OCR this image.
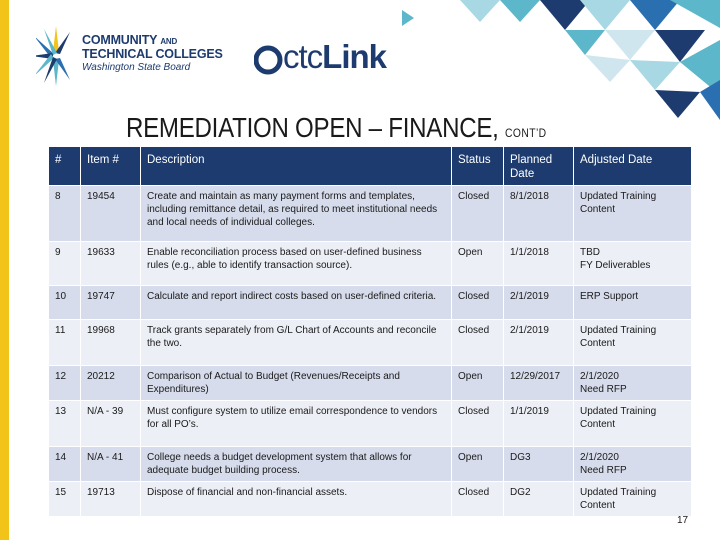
COMMUNITY AND
TECHNICAL COLLEGES
Washington State Board	ctcLink
REMEDIATION OPEN – FINANCE, CONT’D
#	Item #	Description	Status	Planned Date	Adjusted Date
8	19454	Create and maintain as many payment forms and templates, including remittance detail, as required to meet institutional needs and local needs of individual colleges.	Closed	8/1/2018	Updated Training Content
9	19633	Enable reconciliation process based on user-defined business rules (e.g., able to identify transaction source).	Open	1/1/2018	TBD
FY Deliverables
10	19747	Calculate and report indirect costs based on user-defined criteria.	Closed	2/1/2019	ERP Support
11	19968	Track grants separately from G/L Chart of Accounts and reconcile the two.	Closed	2/1/2019	Updated Training Content
12	20212	Comparison of Actual to Budget (Revenues/Receipts and Expenditures)	Open	12/29/2017	2/1/2020
Need RFP
13	N/A - 39	Must configure system to utilize email correspondence to vendors for all PO’s.	Closed	1/1/2019	Updated Training Content
14	N/A - 41	College needs a budget development system that allows for adequate budget building process.	Open	DG3	2/1/2020
Need RFP
15	19713	Dispose of financial and non-financial assets.	Closed	DG2	Updated Training Content
17
